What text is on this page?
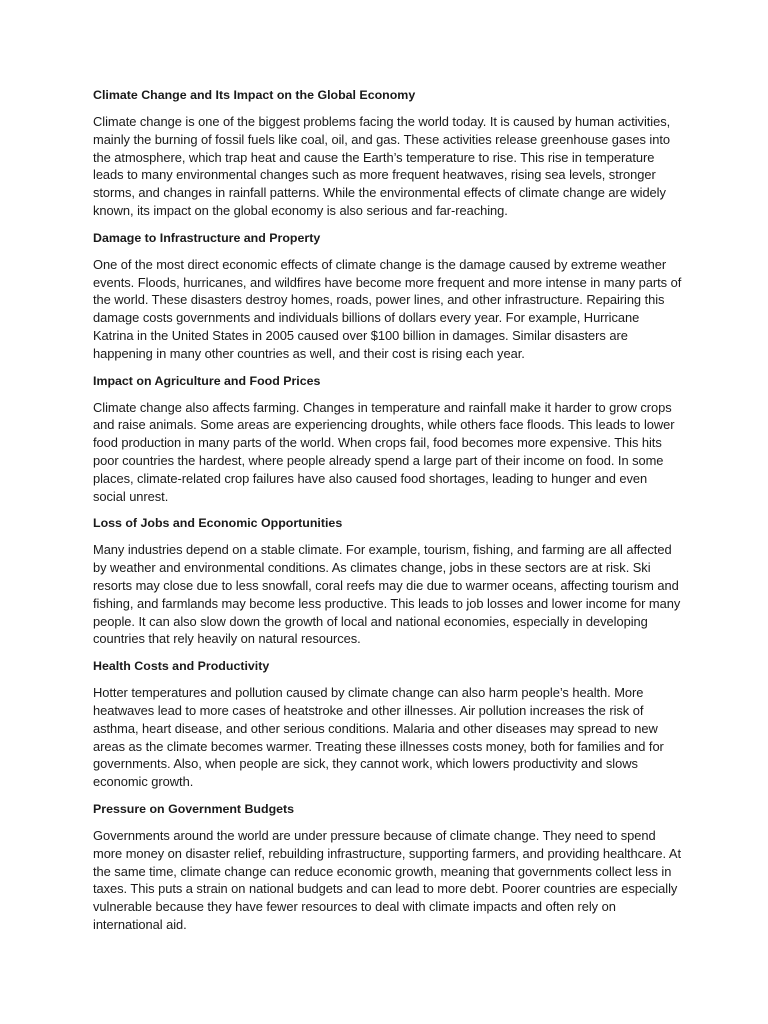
Climate Change and Its Impact on the Global Economy

Climate change is one of the biggest problems facing the world today. It is caused by human activities, mainly the burning of fossil fuels like coal, oil, and gas. These activities release greenhouse gases into the atmosphere, which trap heat and cause the Earth’s temperature to rise. This rise in temperature leads to many environmental changes such as more frequent heatwaves, rising sea levels, stronger storms, and changes in rainfall patterns. While the environmental effects of climate change are widely known, its impact on the global economy is also serious and far-reaching.

Damage to Infrastructure and Property

One of the most direct economic effects of climate change is the damage caused by extreme weather events. Floods, hurricanes, and wildfires have become more frequent and more intense in many parts of the world. These disasters destroy homes, roads, power lines, and other infrastructure. Repairing this damage costs governments and individuals billions of dollars every year. For example, Hurricane Katrina in the United States in 2005 caused over $100 billion in damages. Similar disasters are happening in many other countries as well, and their cost is rising each year.

Impact on Agriculture and Food Prices

Climate change also affects farming. Changes in temperature and rainfall make it harder to grow crops and raise animals. Some areas are experiencing droughts, while others face floods. This leads to lower food production in many parts of the world. When crops fail, food becomes more expensive. This hits poor countries the hardest, where people already spend a large part of their income on food. In some places, climate-related crop failures have also caused food shortages, leading to hunger and even social unrest.

Loss of Jobs and Economic Opportunities

Many industries depend on a stable climate. For example, tourism, fishing, and farming are all affected by weather and environmental conditions. As climates change, jobs in these sectors are at risk. Ski resorts may close due to less snowfall, coral reefs may die due to warmer oceans, affecting tourism and fishing, and farmlands may become less productive. This leads to job losses and lower income for many people. It can also slow down the growth of local and national economies, especially in developing countries that rely heavily on natural resources.

Health Costs and Productivity

Hotter temperatures and pollution caused by climate change can also harm people’s health. More heatwaves lead to more cases of heatstroke and other illnesses. Air pollution increases the risk of asthma, heart disease, and other serious conditions. Malaria and other diseases may spread to new areas as the climate becomes warmer. Treating these illnesses costs money, both for families and for governments. Also, when people are sick, they cannot work, which lowers productivity and slows economic growth.

Pressure on Government Budgets

Governments around the world are under pressure because of climate change. They need to spend more money on disaster relief, rebuilding infrastructure, supporting farmers, and providing healthcare. At the same time, climate change can reduce economic growth, meaning that governments collect less in taxes. This puts a strain on national budgets and can lead to more debt. Poorer countries are especially vulnerable because they have fewer resources to deal with climate impacts and often rely on international aid.
